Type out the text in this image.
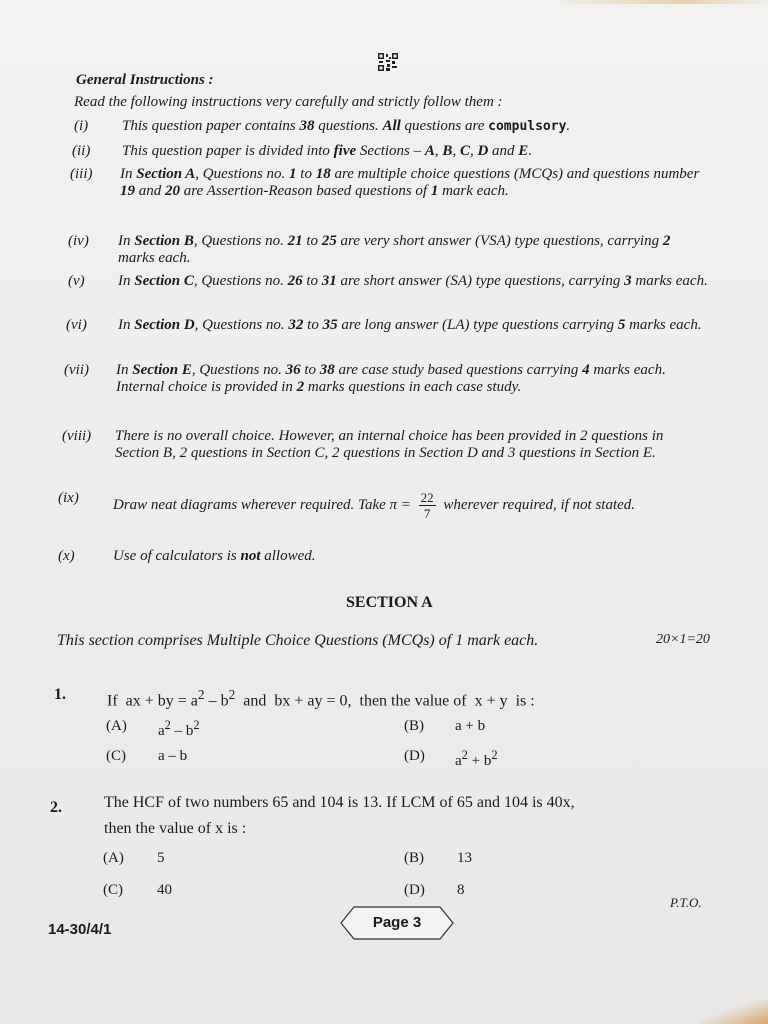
General Instructions :
Read the following instructions very carefully and strictly follow them :
(i) This question paper contains 38 questions. All questions are compulsory.
(ii) This question paper is divided into five Sections – A, B, C, D and E.
(iii) In Section A, Questions no. 1 to 18 are multiple choice questions (MCQs) and questions number 19 and 20 are Assertion-Reason based questions of 1 mark each.
(iv) In Section B, Questions no. 21 to 25 are very short answer (VSA) type questions, carrying 2 marks each.
(v) In Section C, Questions no. 26 to 31 are short answer (SA) type questions, carrying 3 marks each.
(vi) In Section D, Questions no. 32 to 35 are long answer (LA) type questions carrying 5 marks each.
(vii) In Section E, Questions no. 36 to 38 are case study based questions carrying 4 marks each. Internal choice is provided in 2 marks questions in each case study.
(viii) There is no overall choice. However, an internal choice has been provided in 2 questions in Section B, 2 questions in Section C, 2 questions in Section D and 3 questions in Section E.
(ix) Draw neat diagrams wherever required. Take $\pi = \frac{22}{7}$ wherever required, if not stated.
(x)	Use of calculators is not allowed.
SECTION A
This section comprises Multiple Choice Questions (MCQs) of 1 mark each.	20×1=20
1.	If  ax + by = $a^2 - b^2$  and  bx + ay = 0,  then the value of  x + y  is :
(A) $a^2 - b^2$	(B) a + b
(C) a – b	(D) $a^2 + b^2$
2.	The HCF of two numbers 65 and 104 is 13. If LCM of 65 and 104 is 40x,
then the value of x is :
(A) 5	(B) 13
(C) 40	(D) 8
P.T.O.
14-30/4/1	Page 3
